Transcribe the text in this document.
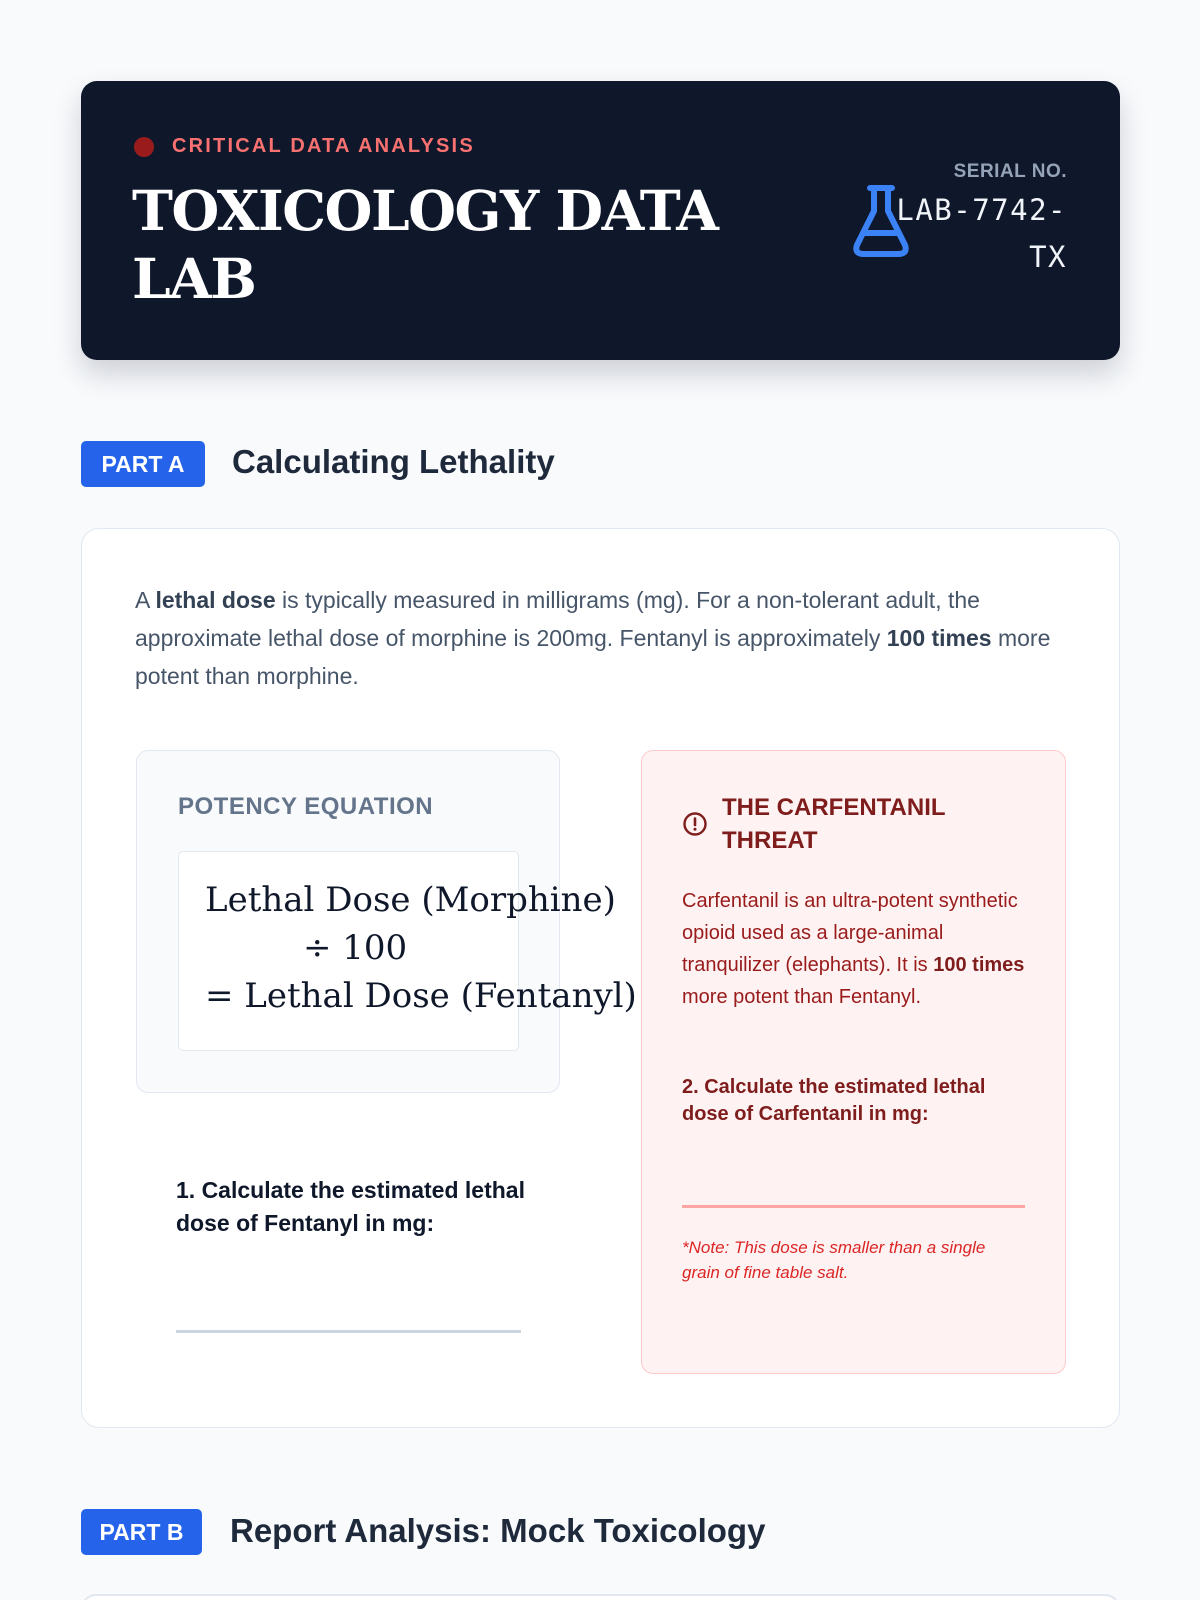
CRITICAL DATA ANALYSIS
TOXICOLOGY DATA LAB
SERIAL NO.
LAB-7742-TX
PART A	Calculating Lethality

A lethal dose is typically measured in milligrams (mg). For a non-tolerant adult, the approximate lethal dose of morphine is 200mg. Fentanyl is approximately 100 times more potent than morphine.

POTENCY EQUATION
Lethal Dose (Morphine)
÷ 100
= Lethal Dose (Fentanyl)
1. Calculate the estimated lethal dose of Fentanyl in mg:
THE CARFENTANIL THREAT

Carfentanil is an ultra-potent synthetic opioid used as a large-animal tranquilizer (elephants). It is 100 times more potent than Fentanyl.

2. Calculate the estimated lethal dose of Carfentanil in mg:
*Note: This dose is smaller than a single grain of fine table salt.
PART B	Report Analysis: Mock Toxicology
